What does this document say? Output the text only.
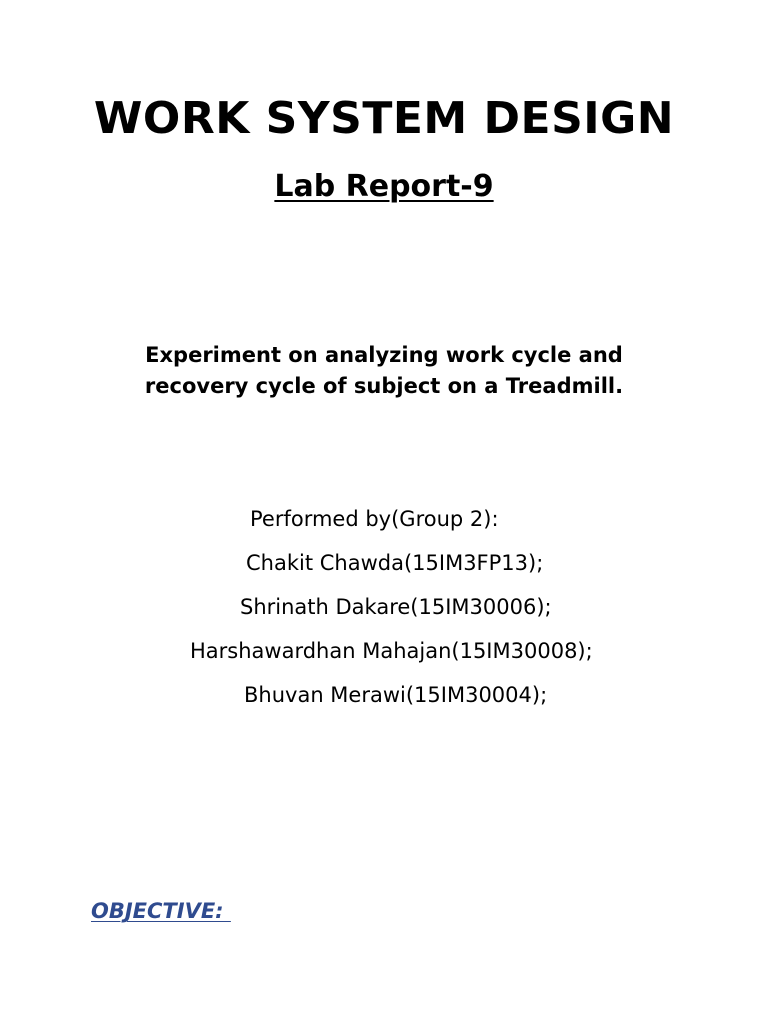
WORK SYSTEM DESIGN
Lab Report-9

Experiment on analyzing work cycle and
recovery cycle of subject on a Treadmill.

Performed by(Group 2):
Chakit Chawda(15IM3FP13);
Shrinath Dakare(15IM30006);
Harshawardhan Mahajan(15IM30008);
Bhuvan Merawi(15IM30004);
OBJECTIVE:
